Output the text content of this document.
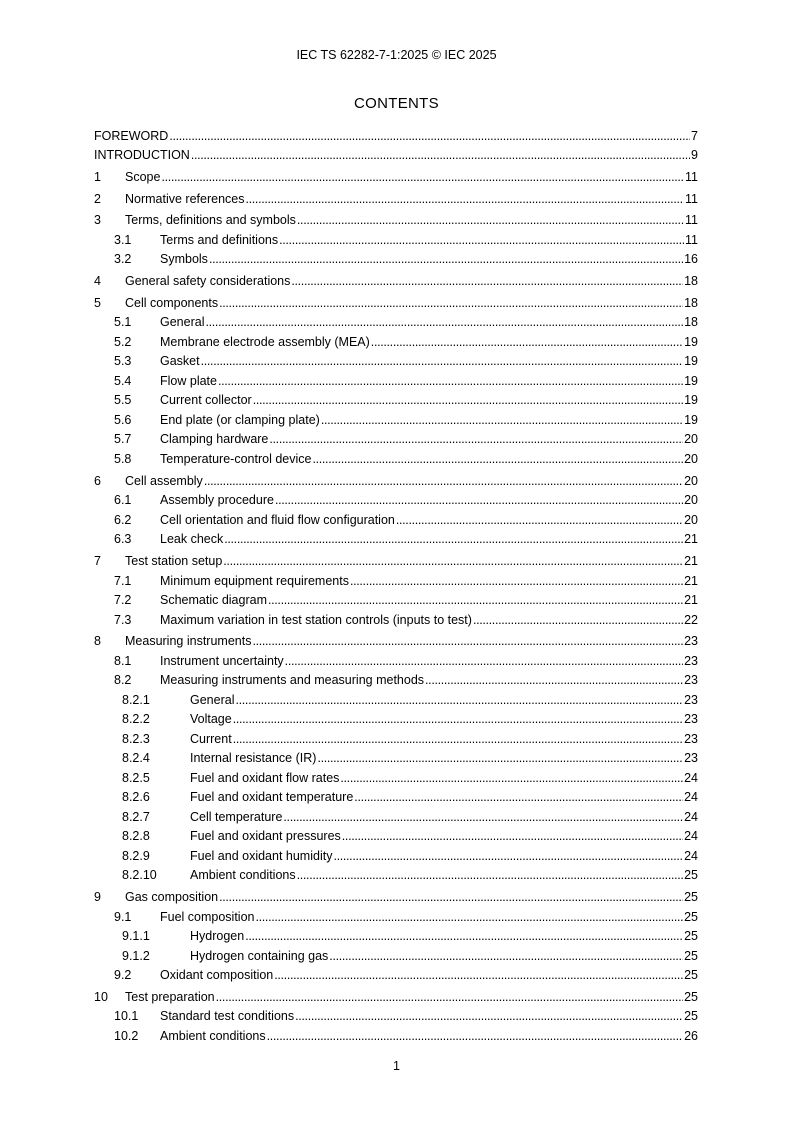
IEC TS 62282-7-1:2025 © IEC 2025
CONTENTS
FOREWORD . . .	7
INTRODUCTION . . .	9
1	Scope . . .	11
2	Normative references . . .	11
3	Terms, definitions and symbols . . .	11
3.1	Terms and definitions . . .	11
3.2	Symbols . . .	16
4	General safety considerations . . .	18
5	Cell components . . .	18
5.1	General . . .	18
5.2	Membrane electrode assembly (MEA) . . .	19
5.3	Gasket . . .	19
5.4	Flow plate . . .	19
5.5	Current collector . . .	19
5.6	End plate (or clamping plate) . . .	19
5.7	Clamping hardware . . .	20
5.8	Temperature-control device . . .	20
6	Cell assembly . . .	20
6.1	Assembly procedure . . .	20
6.2	Cell orientation and fluid flow configuration . . .	20
6.3	Leak check . . .	21
7	Test station setup . . .	21
7.1	Minimum equipment requirements . . .	21
7.2	Schematic diagram . . .	21
7.3	Maximum variation in test station controls (inputs to test) . . .	22
8	Measuring instruments . . .	23
8.1	Instrument uncertainty . . .	23
8.2	Measuring instruments and measuring methods . . .	23
8.2.1	General . . .	23
8.2.2	Voltage . . .	23
8.2.3	Current . . .	23
8.2.4	Internal resistance (IR) . . .	23
8.2.5	Fuel and oxidant flow rates . . .	24
8.2.6	Fuel and oxidant temperature . . .	24
8.2.7	Cell temperature . . .	24
8.2.8	Fuel and oxidant pressures . . .	24
8.2.9	Fuel and oxidant humidity . . .	24
8.2.10	Ambient conditions . . .	25
9	Gas composition . . .	25
9.1	Fuel composition . . .	25
9.1.1	Hydrogen . . .	25
9.1.2	Hydrogen containing gas . . .	25
9.2	Oxidant composition . . .	25
10	Test preparation . . .	25
10.1	Standard test conditions . . .	25
10.2	Ambient conditions . . .	26
1
